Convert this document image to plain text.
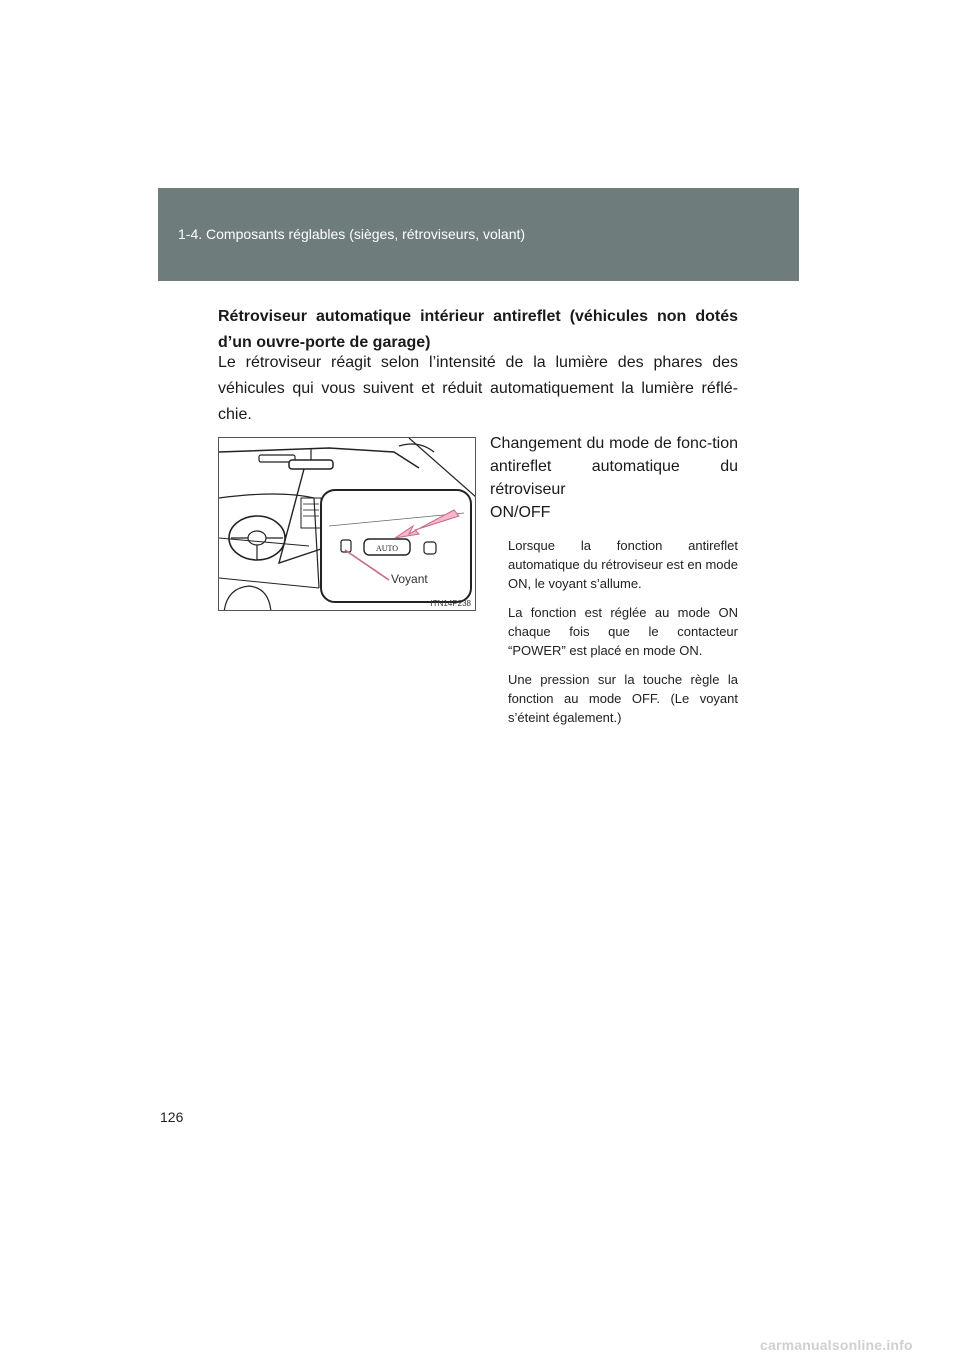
1-4. Composants réglables (sièges, rétroviseurs, volant)
Rétroviseur automatique intérieur antireflet (véhicules non dotés d’un ouvre-porte de garage)
Le rétroviseur réagit selon l’intensité de la lumière des phares des véhicules qui vous suivent et réduit automatiquement la lumière réflé-chie.
AUTO
Voyant
ITN14P238

Changement du mode de fonc-tion antireflet automatique du rétroviseur

ON/OFF

Lorsque la fonction antireflet automatique du rétroviseur est en mode ON, le voyant s’allume.

La fonction est réglée au mode ON chaque fois que le contacteur “POWER” est placé en mode ON.

Une pression sur la touche règle la fonction au mode OFF. (Le voyant s’éteint également.)

126
carmanualsonline.info
